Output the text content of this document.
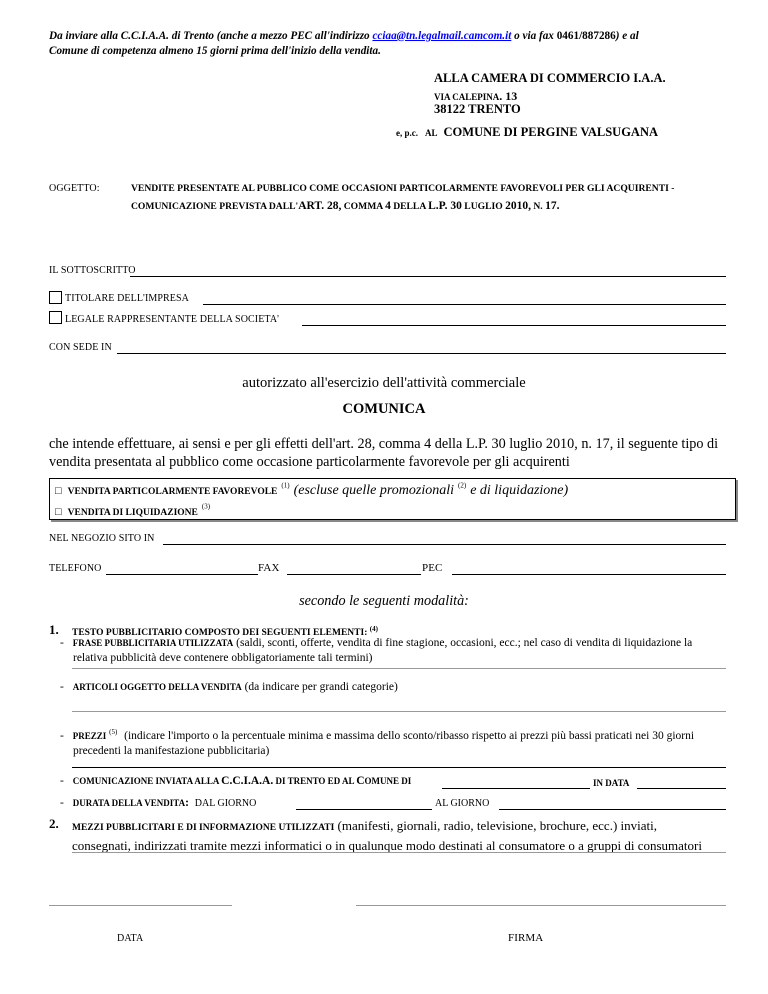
Da inviare alla C.C.I.A.A. di Trento (anche a mezzo PEC all'indirizzo cciaa@tn.legalmail.camcom.it o via fax 0461/887286) e al
Comune di competenza almeno 15 giorni prima dell'inizio della vendita.
ALLA CAMERA DI COMMERCIO I.A.A.
VIA CALEPINA. 13
38122 TRENTO
e, p.c. AL COMUNE DI PERGINE VALSUGANA
OGGETTO:	VENDITE PRESENTATE AL PUBBLICO COME OCCASIONI PARTICOLARMENTE FAVOREVOLI PER GLI ACQUIRENTI -
COMUNICAZIONE PREVISTA DALL'ART. 28, COMMA 4 DELLA L.P. 30 LUGLIO 2010, N. 17.
IL SOTTOSCRITTO
TITOLARE DELL'IMPRESA
LEGALE RAPPRESENTANTE DELLA SOCIETA'
CON SEDE IN
autorizzato all'esercizio dell'attività commerciale
COMUNICA
che intende effettuare, ai sensi e per gli effetti dell'art. 28, comma 4 della L.P. 30 luglio 2010, n. 17, il seguente tipo di
vendita presentata al pubblico come occasione particolarmente favorevole per gli acquirenti
□ VENDITA PARTICOLARMENTE FAVOREVOLE $^{(1)}$ (escluse quelle promozionali $^{(2)}$ e di liquidazione)
□ VENDITA DI LIQUIDAZIONE $^{(3)}$
NEL NEGOZIO SITO IN
TELEFONO	FAX	PEC
secondo le seguenti modalità:
1. TESTO PUBBLICITARIO COMPOSTO DEI SEGUENTI ELEMENTI: $^{(4)}$
- FRASE PUBBLICITARIA UTILIZZATA (saldi, sconti, offerte, vendita di fine stagione, occasioni, ecc.; nel caso di vendita di liquidazione la
relativa pubblicità deve contenere obbligatoriamente tali termini)
- ARTICOLI OGGETTO DELLA VENDITA (da indicare per grandi categorie)
- PREZZI $^{(5)}$ (indicare l'importo o la percentuale minima e massima dello sconto/ribasso rispetto ai prezzi più bassi praticati nei 30 giorni
precedenti la manifestazione pubblicitaria)
- COMUNICAZIONE INVIATA ALLA C.C.I.A.A. DI TRENTO ED AL COMUNE DI	IN DATA
- DURATA DELLA VENDITA: DAL GIORNO	AL GIORNO
2. MEZZI PUBBLICITARI E DI INFORMAZIONE UTILIZZATI (manifesti, giornali, radio, televisione, brochure, ecc.) inviati,
consegnati, indirizzati tramite mezzi informatici o in qualunque modo destinati al consumatore o a gruppi di consumatori
DATA	FIRMA
